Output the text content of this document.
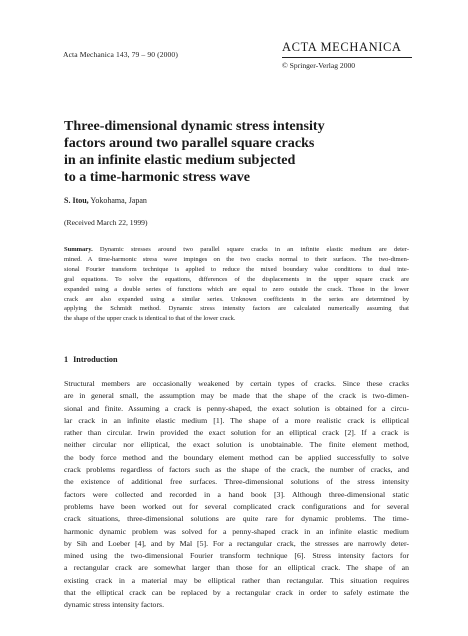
Acta Mechanica 143, 79 – 90 (2000)
ACTA MECHANICA
© Springer-Verlag 2000
Three-dimensional dynamic stress intensity
factors around two parallel square cracks
in an infinite elastic medium subjected
to a time-harmonic stress wave
S. Itou, Yokohama, Japan
(Received March 22, 1999)
Summary. Dynamic stresses around two parallel square cracks in an infinite elastic medium are deter-
mined. A time-harmonic stress wave impinges on the two cracks normal to their surfaces. The two-dimen-
sional Fourier transform technique is applied to reduce the mixed boundary value conditions to dual inte-
gral equations. To solve the equations, differences of the displacements in the upper square crack are
expanded using a double series of functions which are equal to zero outside the crack. Those in the lower
crack are also expanded using a similar series. Unknown coefficients in the series are determined by
applying the Schmidt method. Dynamic stress intensity factors are calculated numerically assuming that
the shape of the upper crack is identical to that of the lower crack.
1 Introduction
Structural members are occasionally weakened by certain types of cracks. Since these cracks
are in general small, the assumption may be made that the shape of the crack is two-dimen-
sional and finite. Assuming a crack is penny-shaped, the exact solution is obtained for a circu-
lar crack in an infinite elastic medium [1]. The shape of a more realistic crack is elliptical
rather than circular. Irwin provided the exact solution for an elliptical crack [2]. If a crack is
neither circular nor elliptical, the exact solution is unobtainable. The finite element method,
the body force method and the boundary element method can be applied successfully to solve
crack problems regardless of factors such as the shape of the crack, the number of cracks, and
the existence of additional free surfaces. Three-dimensional solutions of the stress intensity
factors were collected and recorded in a hand book [3]. Although three-dimensional static
problems have been worked out for several complicated crack configurations and for several
crack situations, three-dimensional solutions are quite rare for dynamic problems. The time-
harmonic dynamic problem was solved for a penny-shaped crack in an infinite elastic medium
by Sih and Loeber [4], and by Mal [5]. For a rectangular crack, the stresses are narrowly deter-
mined using the two-dimensional Fourier transform technique [6]. Stress intensity factors for
a rectangular crack are somewhat larger than those for an elliptical crack. The shape of an
existing crack in a material may be elliptical rather than rectangular. This situation requires
that the elliptical crack can be replaced by a rectangular crack in order to safely estimate the
dynamic stress intensity factors.
